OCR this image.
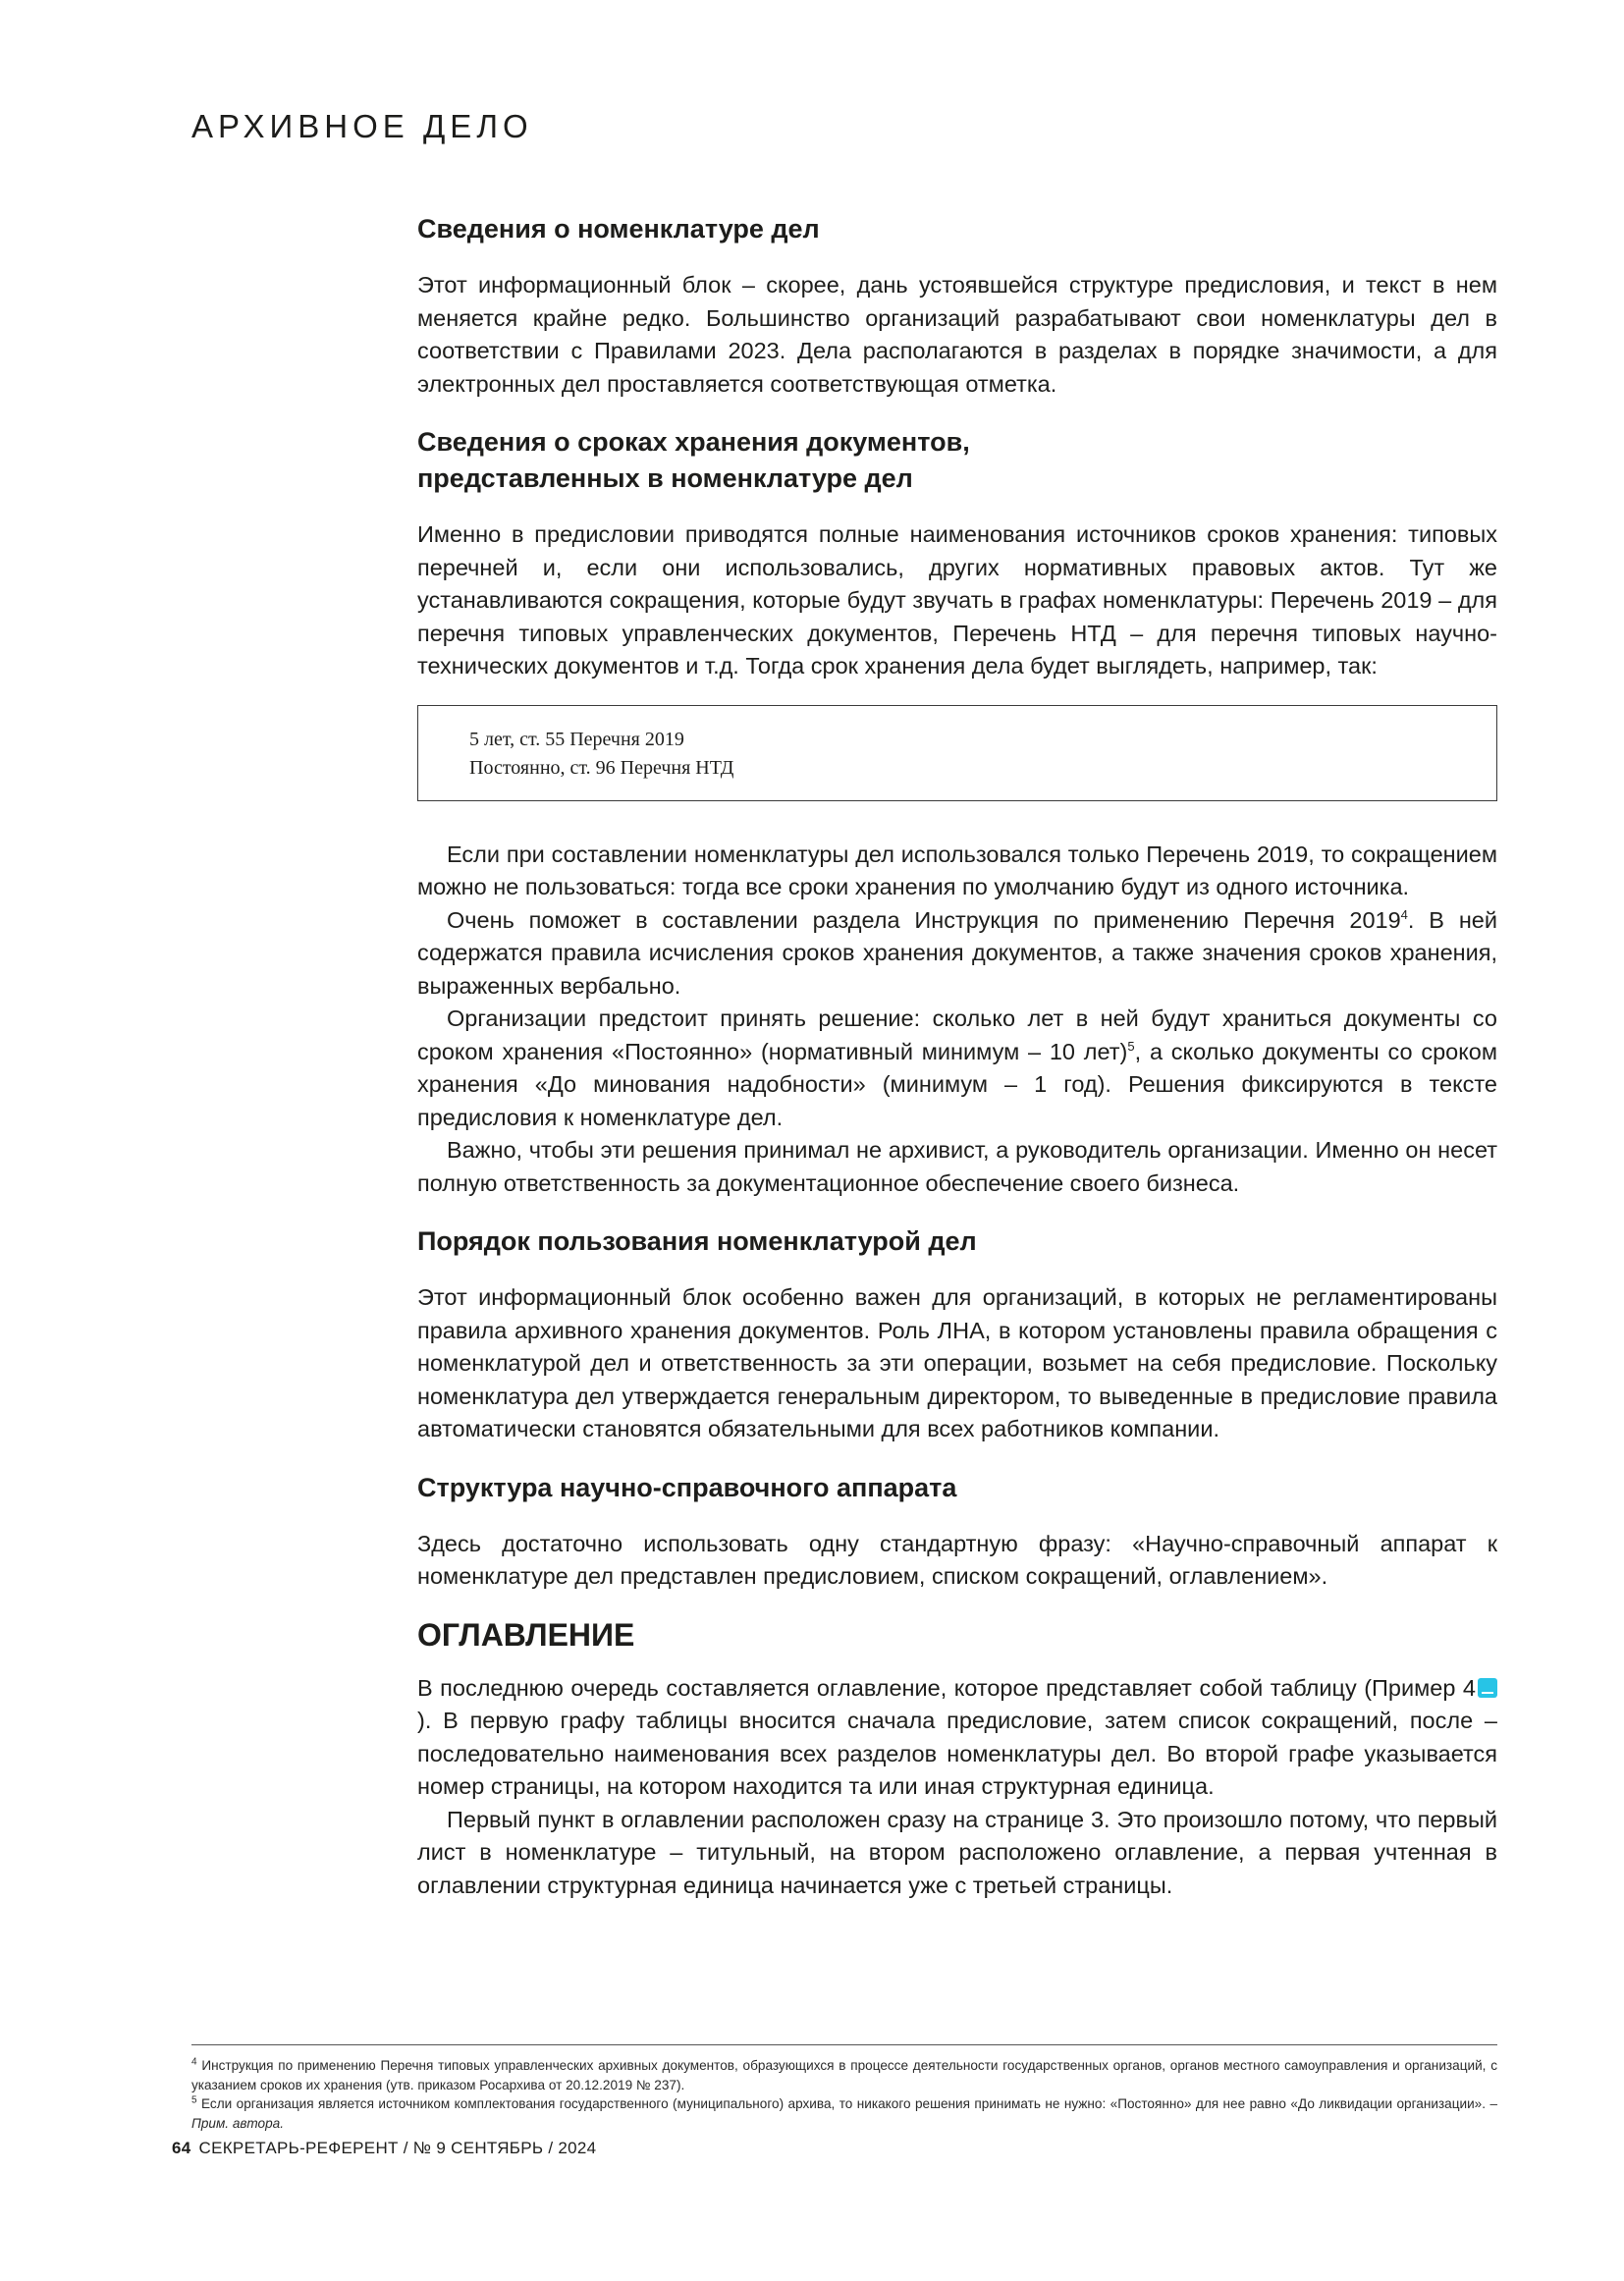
АРХИВНОЕ ДЕЛО
Сведения о номенклатуре дел

Этот информационный блок – скорее, дань устоявшейся структуре предисловия, и текст в нем меняется крайне редко. Большинство организаций разрабатывают свои номенклатуры дел в соответствии с Правилами 2023. Дела располагаются в разделах в порядке значимости, а для электронных дел проставляется соответствующая отметка.

Сведения о сроках хранения документов,
представленных в номенклатуре дел

Именно в предисловии приводятся полные наименования источников сроков хранения: типовых перечней и, если они использовались, других нормативных правовых актов. Тут же устанавливаются сокращения, которые будут звучать в графах номенклатуры: Перечень 2019 – для перечня типовых управленческих документов, Перечень НТД – для перечня типовых научно-технических документов и т.д. Тогда срок хранения дела будет выглядеть, например, так:

5 лет, ст. 55 Перечня 2019
Постоянно, ст. 96 Перечня НТД

Если при составлении номенклатуры дел использовался только Перечень 2019, то сокращением можно не пользоваться: тогда все сроки хранения по умолчанию будут из одного источника.

Очень поможет в составлении раздела Инструкция по применению Перечня 2019$^4$. В ней содержатся правила исчисления сроков хранения документов, а также значения сроков хранения, выраженных вербально.

Организации предстоит принять решение: сколько лет в ней будут храниться документы со сроком хранения «Постоянно» (нормативный минимум – 10 лет)$^5$, а сколько документы со сроком хранения «До минования надобности» (минимум – 1 год). Решения фиксируются в тексте предисловия к номенклатуре дел.

Важно, чтобы эти решения принимал не архивист, а руководитель организации. Именно он несет полную ответственность за документационное обеспечение своего бизнеса.

Порядок пользования номенклатурой дел

Этот информационный блок особенно важен для организаций, в которых не регламентированы правила архивного хранения документов. Роль ЛНА, в котором установлены правила обращения с номенклатурой дел и ответственность за эти операции, возьмет на себя предисловие. Поскольку номенклатура дел утверждается генеральным директором, то выведенные в предисловие правила автоматически становятся обязательными для всех работников компании.

Структура научно-справочного аппарата

Здесь достаточно использовать одну стандартную фразу: «Научно-справочный аппарат к номенклатуре дел представлен предисловием, списком сокращений, оглавлением».

ОГЛАВЛЕНИЕ

В последнюю очередь составляется оглавление, которое представляет собой таблицу (Пример 4). В первую графу таблицы вносится сначала предисловие, затем список сокращений, после – последовательно наименования всех разделов номенклатуры дел. Во второй графе указывается номер страницы, на котором находится та или иная структурная единица.

Первый пункт в оглавлении расположен сразу на странице 3. Это произошло потому, что первый лист в номенклатуре – титульный, на втором расположено оглавление, а первая учтенная в оглавлении структурная единица начинается уже с третьей страницы.

$^4$ Инструкция по применению Перечня типовых управленческих архивных документов, образующихся в процессе деятельности государственных органов, органов местного самоуправления и организаций, с указанием сроков их хранения (утв. приказом Росархива от 20.12.2019 № 237).

$^5$ Если организация является источником комплектования государственного (муниципального) архива, то никакого решения принимать не нужно: «Постоянно» для нее равно «До ликвидации организации». – Прим. автора.

64 СЕКРЕТАРЬ-РЕФЕРЕНТ / № 9 СЕНТЯБРЬ / 2024
